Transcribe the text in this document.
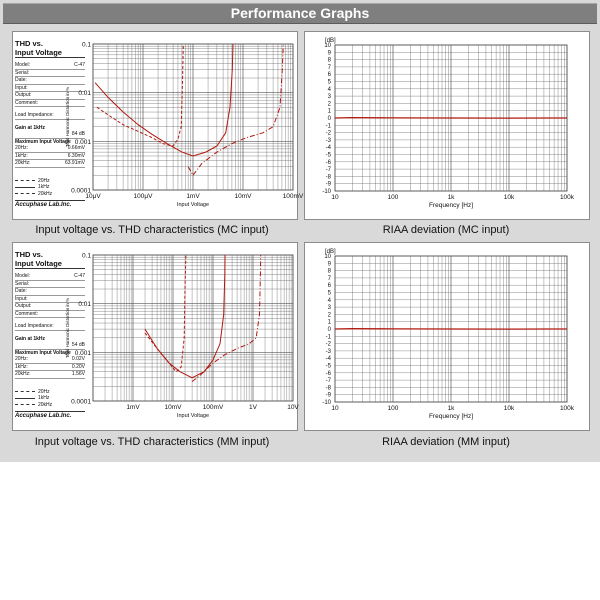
Performance Graphs
THD vs.
Input Voltage
Model:	C-47
Serial:
Date:
Input:
Output:
Comment:
Load Impedance:
Gain at 1kHz
84 dB
Maximum Input Voltage
20Hz:	0.66mV
1kHz:	6.30mV
20kHz:	63.91mV
20Hz
1kHz
20kHz
Accuphase Lab.Inc.
10μV	100μV	1mV	10mV	100mV
0.0001
0.001
0.01
0.1
Input Voltage
Total Harmonic Distortion in %
Input voltage vs. THD characteristics (MC input)
10
9
8
7
6
5
4
3
2
1
0
-1
-2
-3
-4
-5
-6
-7
-8
-9
-10
10	100	1k	10k	100k
Frequency [Hz]
[dB]
RIAA deviation (MC input)
THD vs.
Input Voltage
Model:	C-47
Serial:
Date:
Input:
Output:
Comment:
Load Impedance:
Gain at 1kHz
54 dB
Maximum Input Voltage
20Hz:	0.02V
1kHz:	0.20V
20kHz:	1.56V
20Hz
1kHz
20kHz
Accuphase Lab.Inc.
1mV	10mV	100mV	1V	10V
0.0001
0.001
0.01
0.1
Input Voltage
Total Harmonic Distortion in %
Input voltage vs. THD characteristics (MM input)
10
9
8
7
6
5
4
3
2
1
0
-1
-2
-3
-4
-5
-6
-7
-8
-9
-10
10	100	1k	10k	100k
Frequency [Hz]
[dB]
RIAA deviation (MM input)
